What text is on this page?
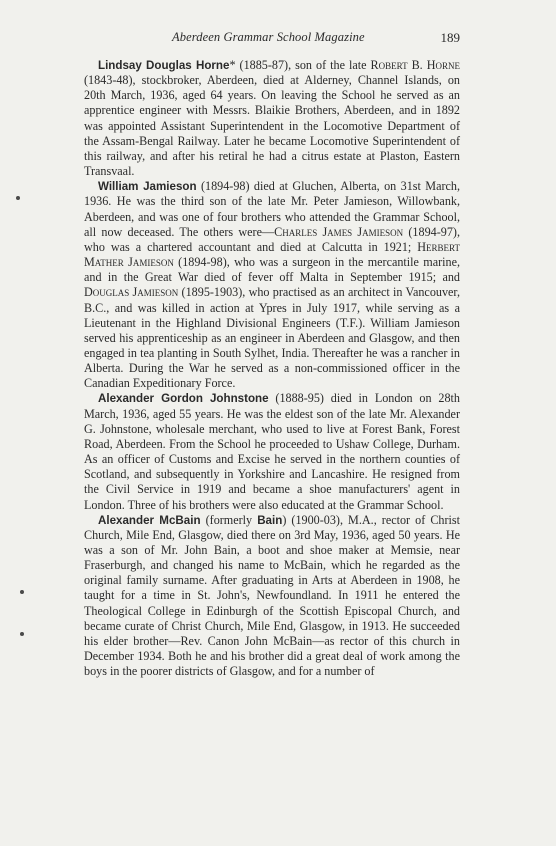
Aberdeen Grammar School Magazine	189

Lindsay Douglas Horne* (1885-87), son of the late Robert B. Horne (1843-48), stockbroker, Aberdeen, died at Alderney, Channel Islands, on 20th March, 1936, aged 64 years. On leaving the School he served as an apprentice engineer with Messrs. Blaikie Brothers, Aberdeen, and in 1892 was appointed Assistant Superintendent in the Locomotive Department of the Assam-Bengal Railway. Later he became Locomotive Superintendent of this railway, and after his retiral he had a citrus estate at Plaston, Eastern Transvaal.

William Jamieson (1894-98) died at Gluchen, Alberta, on 31st March, 1936. He was the third son of the late Mr. Peter Jamieson, Willowbank, Aberdeen, and was one of four brothers who attended the Grammar School, all now deceased. The others were—Charles James Jamieson (1894-97), who was a chartered accountant and died at Calcutta in 1921; Herbert Mather Jamieson (1894-98), who was a surgeon in the mercantile marine, and in the Great War died of fever off Malta in September 1915; and Douglas Jamieson (1895-1903), who practised as an architect in Vancouver, B.C., and was killed in action at Ypres in July 1917, while serving as a Lieutenant in the Highland Divisional Engineers (T.F.). William Jamieson served his apprenticeship as an engineer in Aberdeen and Glasgow, and then engaged in tea planting in South Sylhet, India. Thereafter he was a rancher in Alberta. During the War he served as a non-commissioned officer in the Canadian Expeditionary Force.

Alexander Gordon Johnstone (1888-95) died in London on 28th March, 1936, aged 55 years. He was the eldest son of the late Mr. Alexander G. Johnstone, wholesale merchant, who used to live at Forest Bank, Forest Road, Aberdeen. From the School he proceeded to Ushaw College, Durham. As an officer of Customs and Excise he served in the northern counties of Scotland, and subsequently in Yorkshire and Lancashire. He resigned from the Civil Service in 1919 and became a shoe manufacturers' agent in London. Three of his brothers were also educated at the Grammar School.

Alexander McBain (formerly Bain) (1900-03), M.A., rector of Christ Church, Mile End, Glasgow, died there on 3rd May, 1936, aged 50 years. He was a son of Mr. John Bain, a boot and shoe maker at Memsie, near Fraserburgh, and changed his name to McBain, which he regarded as the original family surname. After graduating in Arts at Aberdeen in 1908, he taught for a time in St. John's, Newfoundland. In 1911 he entered the Theological College in Edinburgh of the Scottish Episcopal Church, and became curate of Christ Church, Mile End, Glasgow, in 1913. He succeeded his elder brother—Rev. Canon John McBain—as rector of this church in December 1934. Both he and his brother did a great deal of work among the boys in the poorer districts of Glasgow, and for a number of
